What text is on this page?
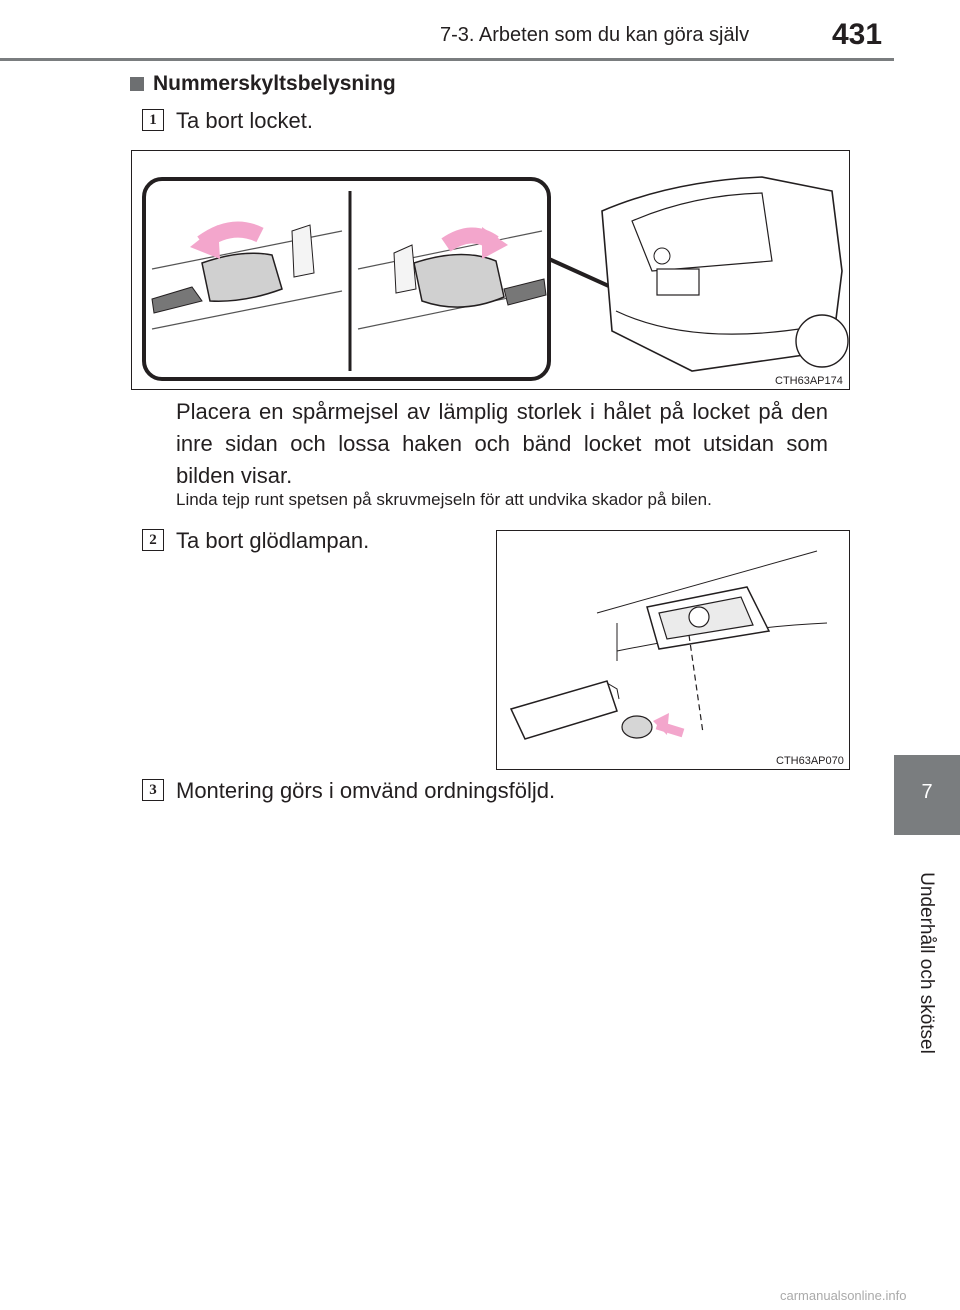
7-3. Arbeten som du kan göra själv	431
7
Underhåll och skötsel
Nummerskyltsbelysning
1 Ta bort locket.
CTH63AP174
Placera en spårmejsel av lämplig storlek i hålet på locket på den inre sidan och lossa haken och bänd locket mot utsidan som bilden visar.
Linda tejp runt spetsen på skruvmejseln för att undvika skador på bilen.
2 Ta bort glödlampan.
CTH63AP070
3 Montering görs i omvänd ordningsföljd.
carmanualsonline.info
